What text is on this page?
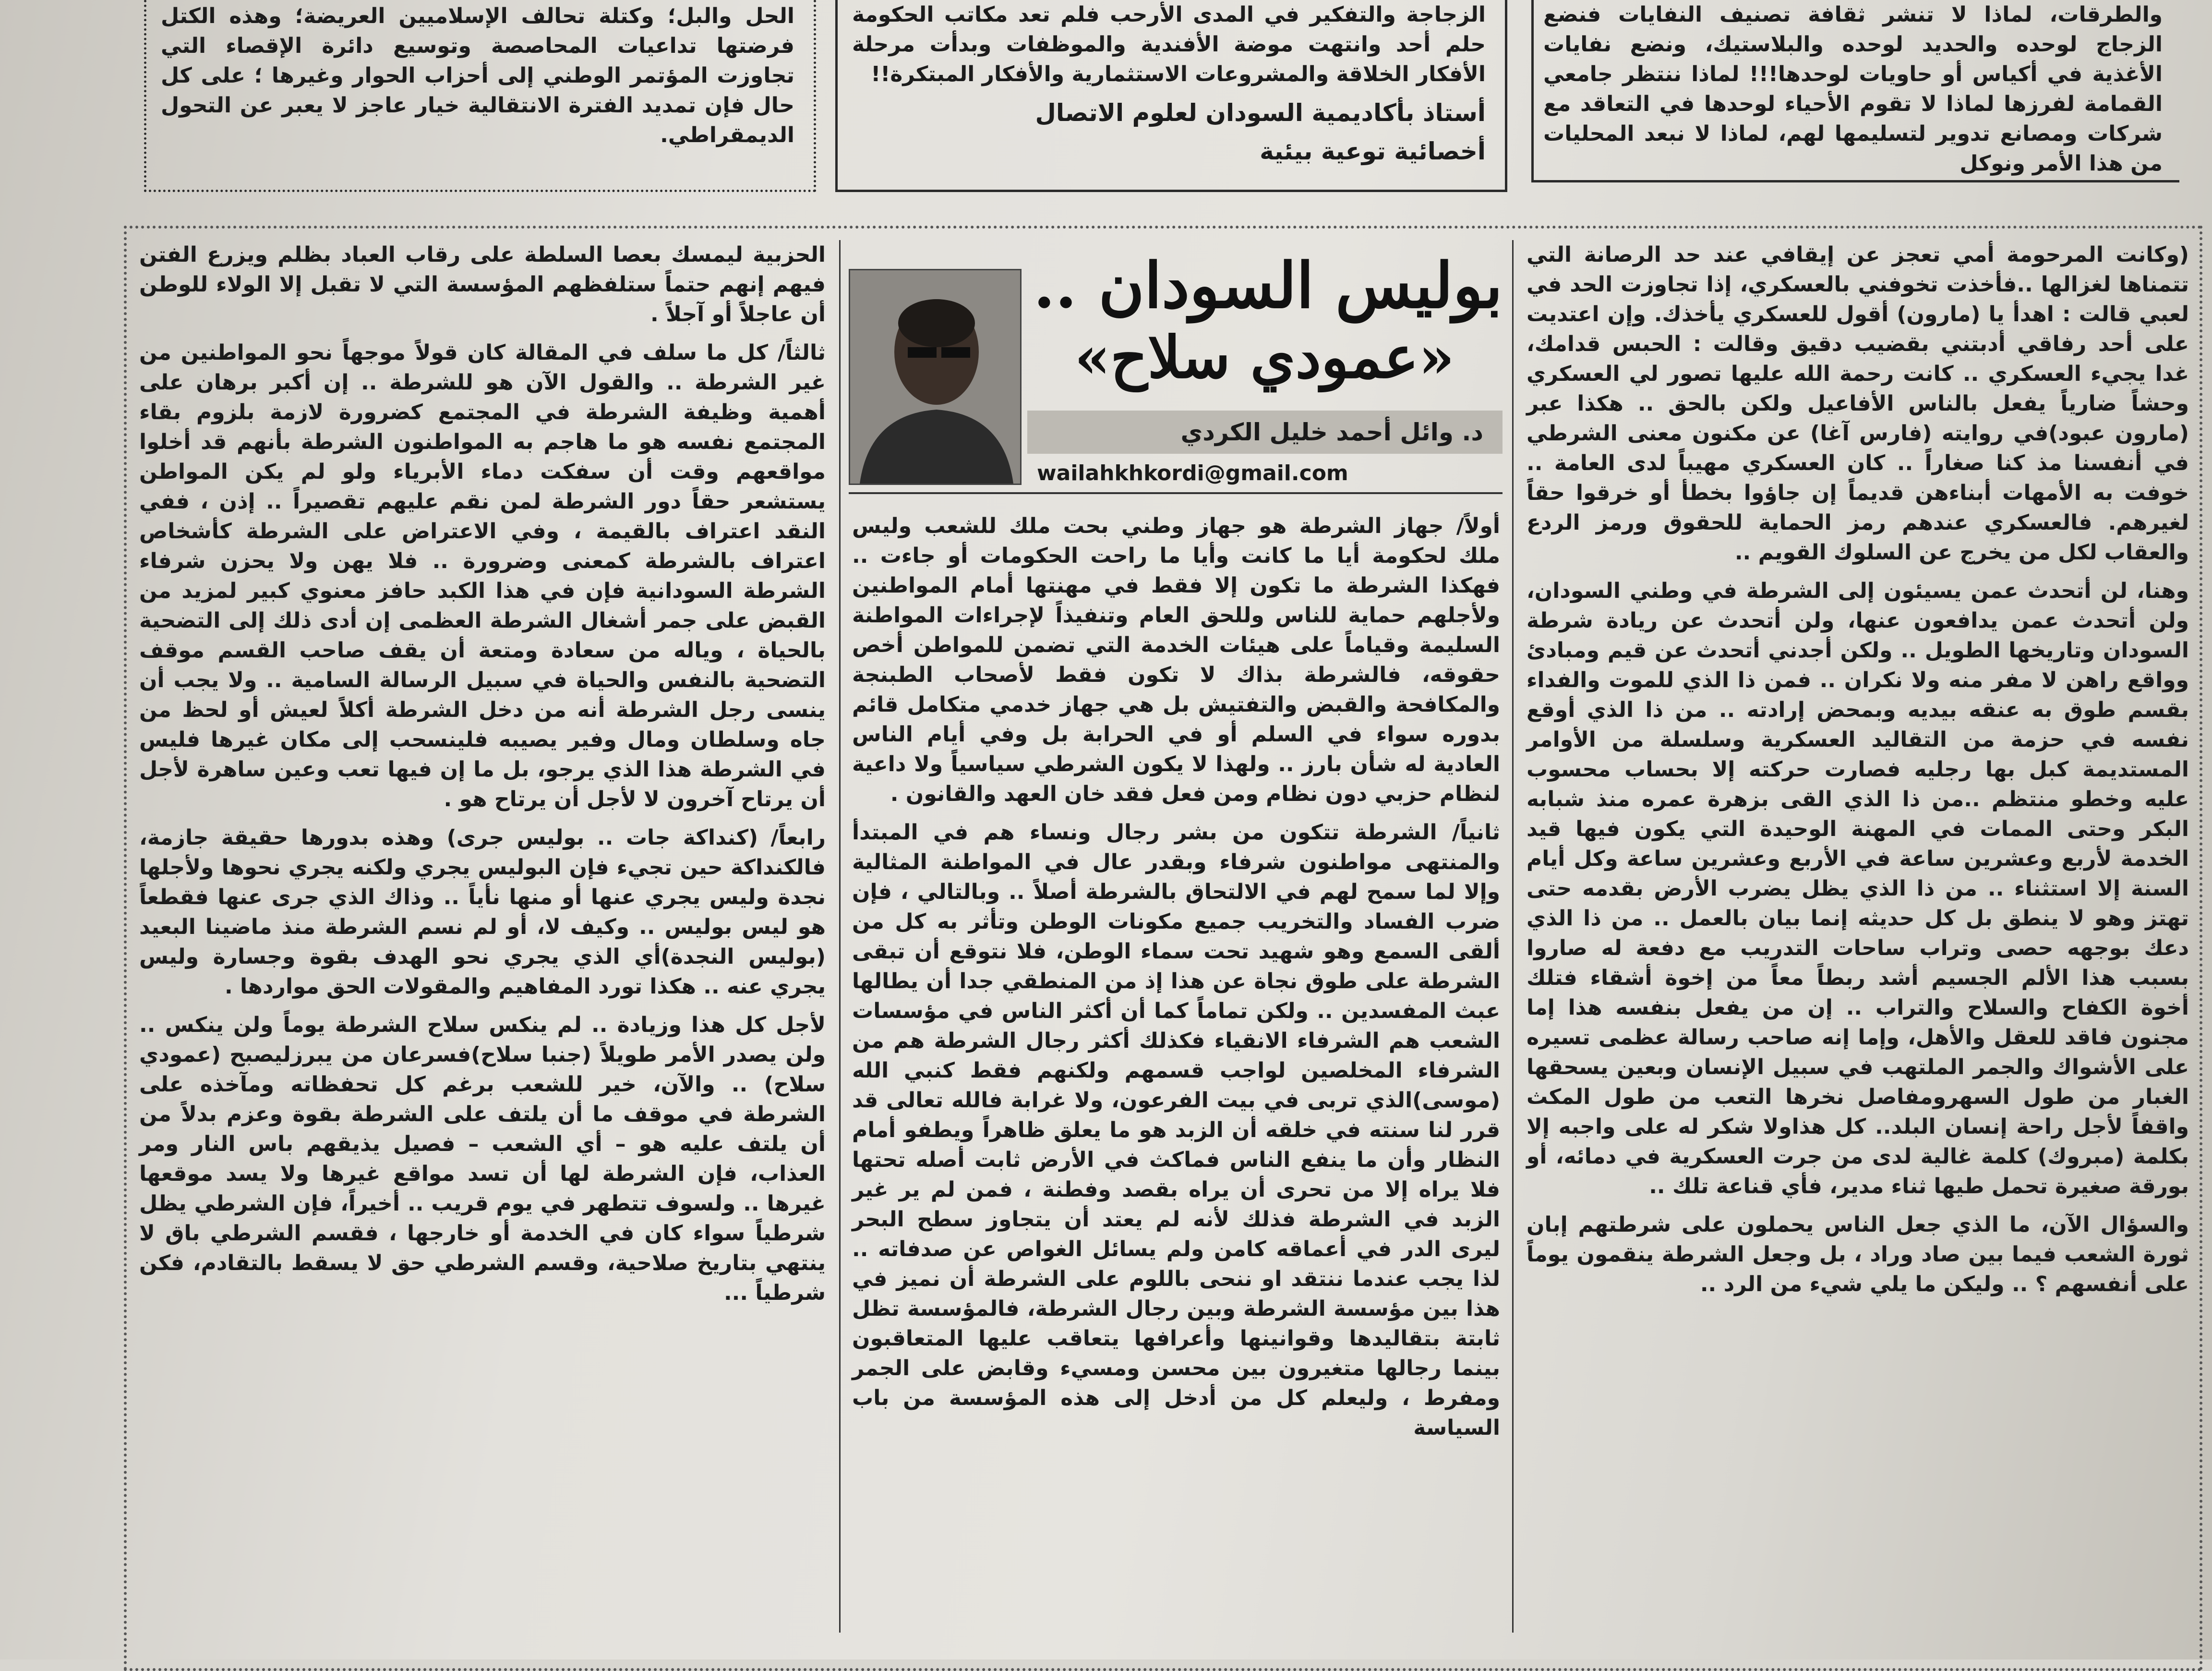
والطرقات، لماذا لا تنشر ثقافة تصنيف النفايات فنضع الزجاج لوحده والحديد لوحده والبلاستيك، ونضع نفايات الأغذية في أكياس أو حاويات لوحدها!!! لماذا ننتظر جامعي القمامة لفرزها لماذا لا تقوم الأحياء لوحدها في التعاقد مع شركات ومصانع تدوير لتسليمها لهم، لماذا لا نبعد المحليات من هذا الأمر ونوكل

الزجاجة والتفكير في المدى الأرحب فلم تعد مكاتب الحكومة حلم أحد وانتهت موضة الأفندية والموظفات وبدأت مرحلة الأفكار الخلاقة والمشروعات الاستثمارية والأفكار المبتكرة!!

أستاذ بأكاديمية السودان لعلوم الاتصال

أخصائية توعية بيئية

الحل والبل؛ وكتلة تحالف الإسلاميين العريضة؛ وهذه الكتل فرضتها تداعيات المحاصصة وتوسيع دائرة الإقصاء التي تجاوزت المؤتمر الوطني إلى أحزاب الحوار وغيرها ؛ على كل حال فإن تمديد الفترة الانتقالية خيار عاجز لا يعبر عن التحول الديمقراطي.

بوليس السودان ..
«عمودي سلاح»
د. وائل أحمد خليل الكردي
wailahkhkordi@gmail.com

(وكانت المرحومة أمي تعجز عن إيقافي عند حد الرصانة التي تتمناها لغزالها ..فأخذت تخوفني بالعسكري، إذا تجاوزت الحد في لعبي قالت : اهدأ يا (مارون) أقول للعسكري يأخذك. وإن اعتديت على أحد رفاقي أدبتني بقضيب دقيق وقالت : الحبس قدامك، غدا يجيء العسكري .. كانت رحمة الله عليها تصور لي العسكري وحشاً ضارياً يفعل بالناس الأفاعيل ولكن بالحق .. هكذا عبر (مارون عبود)في روايته (فارس آغا) عن مكنون معنى الشرطي في أنفسنا مذ كنا صغاراً .. كان العسكري مهيباً لدى العامة .. خوفت به الأمهات أبناءهن قديماً إن جاؤوا بخطأ أو خرقوا حقاً لغيرهم. فالعسكري عندهم رمز الحماية للحقوق ورمز الردع والعقاب لكل من يخرج عن السلوك القويم ..

وهنا، لن أتحدث عمن يسيئون إلى الشرطة في وطني السودان، ولن أتحدث عمن يدافعون عنها، ولن أتحدث عن ريادة شرطة السودان وتاريخها الطويل .. ولكن أجدني أتحدث عن قيم ومبادئ وواقع راهن لا مفر منه ولا نكران .. فمن ذا الذي للموت والفداء بقسم طوق به عنقه بيديه وبمحض إرادته .. من ذا الذي أوقع نفسه في حزمة من التقاليد العسكرية وسلسلة من الأوامر المستديمة كبل بها رجليه فصارت حركته إلا بحساب محسوب عليه وخطو منتظم ..من ذا الذي القى بزهرة عمره منذ شبابه البكر وحتى الممات في المهنة الوحيدة التي يكون فيها قيد الخدمة لأربع وعشرين ساعة في الأربع وعشرين ساعة وكل أيام السنة إلا استثناء .. من ذا الذي يظل يضرب الأرض بقدمه حتى تهتز وهو لا ينطق بل كل حديثه إنما بيان بالعمل .. من ذا الذي دعك بوجهه حصى وتراب ساحات التدريب مع دفعة له صاروا بسبب هذا الألم الجسيم أشد ربطاً معاً من إخوة أشقاء فتلك أخوة الكفاح والسلاح والتراب .. إن من يفعل بنفسه هذا إما مجنون فاقد للعقل والأهل، وإما إنه صاحب رسالة عظمى تسيره على الأشواك والجمر الملتهب في سبيل الإنسان وبعين يسحقها الغبار من طول السهرومفاصل نخرها التعب من طول المكث واقفاً لأجل راحة إنسان البلد.. كل هذاولا شكر له على واجبه إلا بكلمة (مبروك) كلمة غالية لدى من جرت العسكرية في دمائه، أو بورقة صغيرة تحمل طيها ثناء مدير، فأي قناعة تلك ..

والسؤال الآن، ما الذي جعل الناس يحملون على شرطتهم إبان ثورة الشعب فيما بين صاد وراد ، بل وجعل الشرطة ينقمون يوماً على أنفسهم ؟ .. وليكن ما يلي شيء من الرد ..

أولاً/ جهاز الشرطة هو جهاز وطني بحت ملك للشعب وليس ملك لحكومة أيا ما كانت وأيا ما راحت الحكومات أو جاءت .. فهكذا الشرطة ما تكون إلا فقط في مهنتها أمام المواطنين ولأجلهم حماية للناس وللحق العام وتنفيذاً لإجراءات المواطنة السليمة وقياماً على هيئات الخدمة التي تضمن للمواطن أخص حقوقه، فالشرطة بذاك لا تكون فقط لأصحاب الطبنجة والمكافحة والقبض والتفتيش بل هي جهاز خدمي متكامل قائم بدوره سواء في السلم أو في الحرابة بل وفي أيام الناس العادية له شأن بارز .. ولهذا لا يكون الشرطي سياسياً ولا داعية لنظام حزبي دون نظام ومن فعل فقد خان العهد والقانون .

ثانياً/ الشرطة تتكون من بشر رجال ونساء هم في المبتدأ والمنتهى مواطنون شرفاء وبقدر عال في المواطنة المثالية وإلا لما سمح لهم في الالتحاق بالشرطة أصلاً .. وبالتالي ، فإن ضرب الفساد والتخريب جميع مكونات الوطن وتأثر به كل من ألقى السمع وهو شهيد تحت سماء الوطن، فلا نتوقع أن تبقى الشرطة على طوق نجاة عن هذا إذ من المنطقي جدا أن يطالها عبث المفسدين .. ولكن تماماً كما أن أكثر الناس في مؤسسات الشعب هم الشرفاء الانقياء فكذلك أكثر رجال الشرطة هم من الشرفاء المخلصين لواجب قسمهم ولكنهم فقط كنبي الله (موسى)الذي تربى في بيت الفرعون، ولا غرابة فالله تعالى قد قرر لنا سنته في خلقه أن الزبد هو ما يعلق ظاهراً ويطفو أمام النظار وأن ما ينفع الناس فماكث في الأرض ثابت أصله تحتها فلا يراه إلا من تحرى أن يراه بقصد وفطنة ، فمن لم ير غير الزبد في الشرطة فذلك لأنه لم يعتد أن يتجاوز سطح البحر ليرى الدر في أعماقه كامن ولم يسائل الغواص عن صدفاته .. لذا يجب عندما ننتقد او ننحى باللوم على الشرطة أن نميز في هذا بين مؤسسة الشرطة وبين رجال الشرطة، فالمؤسسة تظل ثابتة بتقاليدها وقوانينها وأعرافها يتعاقب عليها المتعاقبون بينما رجالها متغيرون بين محسن ومسيء وقابض على الجمر ومفرط ، وليعلم كل من أدخل إلى هذه المؤسسة من باب السياسة

الحزبية ليمسك بعصا السلطة على رقاب العباد بظلم ويزرع الفتن فيهم إنهم حتماً ستلفظهم المؤسسة التي لا تقبل إلا الولاء للوطن أن عاجلاً أو آجلاً .

ثالثاً/ كل ما سلف في المقالة كان قولاً موجهاً نحو المواطنين من غير الشرطة .. والقول الآن هو للشرطة .. إن أكبر برهان على أهمية وظيفة الشرطة في المجتمع كضرورة لازمة بلزوم بقاء المجتمع نفسه هو ما هاجم به المواطنون الشرطة بأنهم قد أخلوا مواقعهم وقت أن سفكت دماء الأبرياء ولو لم يكن المواطن يستشعر حقاً دور الشرطة لمن نقم عليهم تقصيراً .. إذن ، ففي النقد اعتراف بالقيمة ، وفي الاعتراض على الشرطة كأشخاص اعتراف بالشرطة كمعنى وضرورة .. فلا يهن ولا يحزن شرفاء الشرطة السودانية فإن في هذا الكبد حافز معنوي كبير لمزيد من القبض على جمر أشغال الشرطة العظمى إن أدى ذلك إلى التضحية بالحياة ، وياله من سعادة ومتعة أن يقف صاحب القسم موقف التضحية بالنفس والحياة في سبيل الرسالة السامية .. ولا يجب أن ينسى رجل الشرطة أنه من دخل الشرطة أكلاً لعيش أو لحظ من جاه وسلطان ومال وفير يصيبه فلينسحب إلى مكان غيرها فليس في الشرطة هذا الذي يرجو، بل ما إن فيها تعب وعين ساهرة لأجل أن يرتاح آخرون لا لأجل أن يرتاح هو .

رابعاً/ (كنداكة جات .. بوليس جرى) وهذه بدورها حقيقة جازمة، فالكنداكة حين تجيء فإن البوليس يجري ولكنه يجري نحوها ولأجلها نجدة وليس يجري عنها أو منها نأياً .. وذاك الذي جرى عنها فقطعاً هو ليس بوليس .. وكيف لا، أو لم نسم الشرطة منذ ماضينا البعيد (بوليس النجدة)أي الذي يجري نحو الهدف بقوة وجسارة وليس يجري عنه .. هكذا تورد المفاهيم والمقولات الحق مواردها .

لأجل كل هذا وزيادة .. لم ينكس سلاح الشرطة يوماً ولن ينكس .. ولن يصدر الأمر طويلاً (جنبا سلاح)فسرعان من يبرزليصبح (عمودي سلاح) .. والآن، خير للشعب برغم كل تحفظاته ومآخذه على الشرطة في موقف ما أن يلتف على الشرطة بقوة وعزم بدلاً من أن يلتف عليه هو – أي الشعب – فصيل يذيقهم باس النار ومر العذاب، فإن الشرطة لها أن تسد مواقع غيرها ولا يسد موقعها غيرها .. ولسوف تتطهر في يوم قريب .. أخيراً، فإن الشرطي يظل شرطياً سواء كان في الخدمة أو خارجها ، فقسم الشرطي باق لا ينتهي بتاريخ صلاحية، وقسم الشرطي حق لا يسقط بالتقادم، فكن شرطياً ...
